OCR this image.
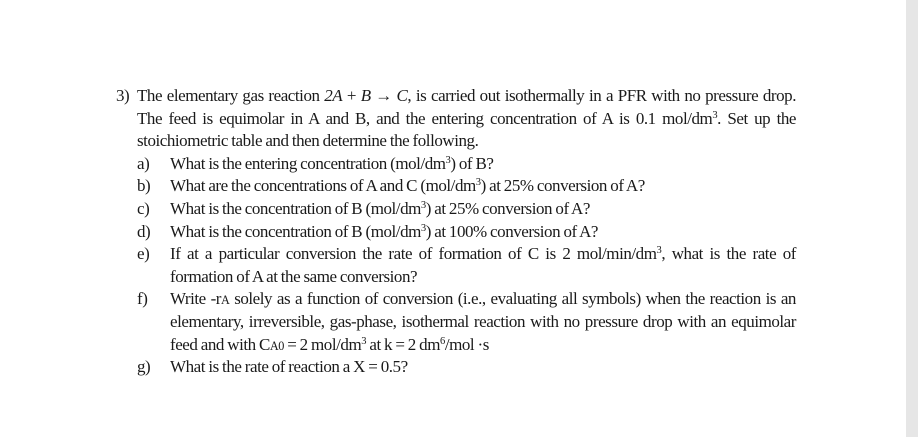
3) The elementary gas reaction 2A + B → C, is carried out isothermally in a PFR with no pressure drop. The feed is equimolar in A and B, and the entering concentration of A is 0.1 mol/$dm^3$. Set up the stoichiometric table and then determine the following.
a) What is the entering concentration $(mol/dm^3)$ of B?
b) What are the concentrations of A and C $(mol/dm^3)$ at 25% conversion of A?
c) What is the concentration of B $(mol/dm^3)$ at 25% conversion of A?
d) What is the concentration of B $(mol/dm^3)$ at 100% conversion of A?
e) If at a particular conversion the rate of formation of C is 2 mol/$\min/dm^3$, what is the rate of formation of A at the same conversion?
f) Write -rA solely as a function of conversion (i.e., evaluating all symbols) when the reaction is an elementary, irreversible, gas-phase, isothermal reaction with no pressure drop with an equimolar feed and with CA0 = 2 mol/$dm^3$ at k = 2 $dm^6$/mol ·s
g) What is the rate of reaction a X = 0.5?
